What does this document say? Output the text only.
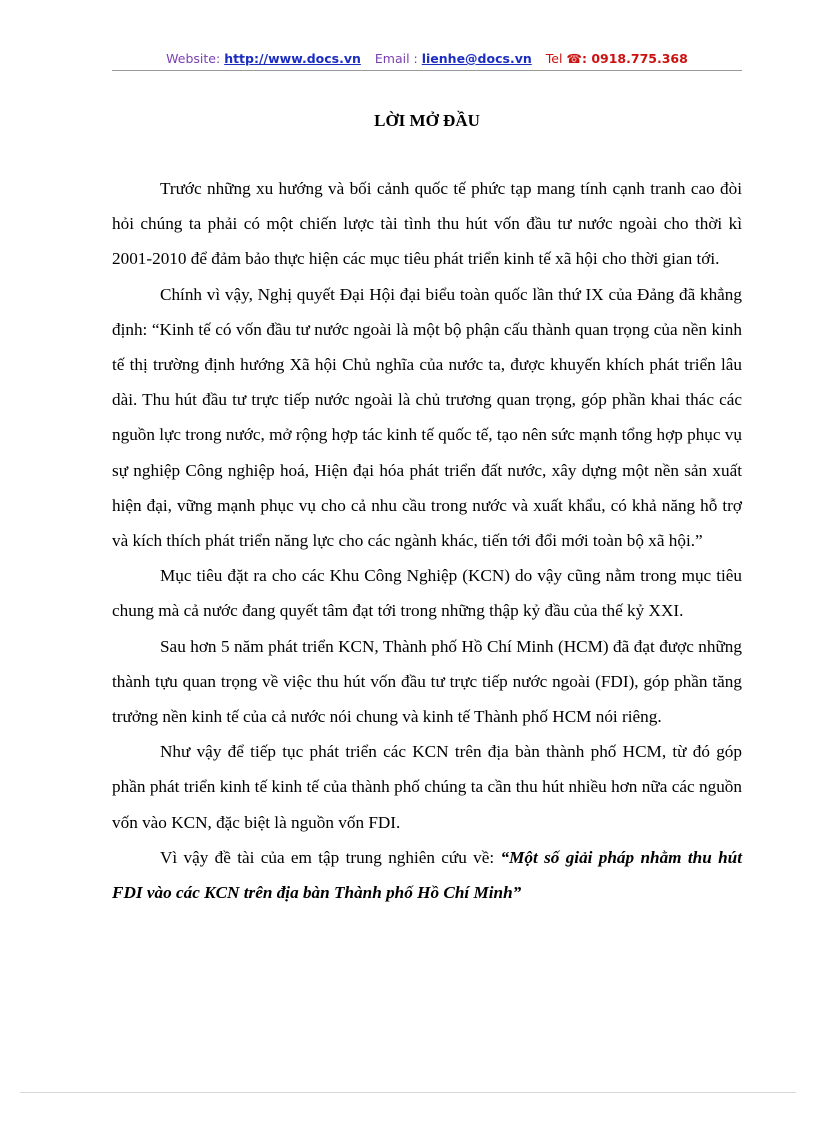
Website: http://www.docs.vn Email : lienhe@docs.vn Tel ☎: 0918.775.368
LỜI MỞ ĐẦU

Trước những xu hướng và bối cảnh quốc tế phức tạp mang tính cạnh tranh cao đòi hỏi chúng ta phải có một chiến lược tài tình thu hút vốn đầu tư nước ngoài cho thời kì 2001-2010 để đảm bảo thực hiện các mục tiêu phát triển kinh tế xã hội cho thời gian tới.

Chính vì vậy, Nghị quyết Đại Hội đại biểu toàn quốc lần thứ IX của Đảng đã khẳng định: “Kinh tế có vốn đầu tư nước ngoài là một bộ phận cấu thành quan trọng của nền kinh tế thị trường định hướng Xã hội Chủ nghĩa của nước ta, được khuyến khích phát triển lâu dài. Thu hút đầu tư trực tiếp nước ngoài là chủ trương quan trọng, góp phần khai thác các nguồn lực trong nước, mở rộng hợp tác kinh tế quốc tế, tạo nên sức mạnh tổng hợp phục vụ sự nghiệp Công nghiệp hoá, Hiện đại hóa phát triển đất nước, xây dựng một nền sản xuất hiện đại, vững mạnh phục vụ cho cả nhu cầu trong nước và xuất khẩu, có khả năng hỗ trợ và kích thích phát triển năng lực cho các ngành khác, tiến tới đổi mới toàn bộ xã hội.”

Mục tiêu đặt ra cho các Khu Công Nghiệp (KCN) do vậy cũng nằm trong mục tiêu chung mà cả nước đang quyết tâm đạt tới trong những thập kỷ đầu của thế kỷ XXI.

Sau hơn 5 năm phát triển KCN, Thành phố Hồ Chí Minh (HCM) đã đạt được những thành tựu quan trọng về việc thu hút vốn đầu tư trực tiếp nước ngoài (FDI), góp phần tăng trưởng nền kinh tế của cả nước nói chung và kinh tế Thành phố HCM nói riêng.

Như vậy để tiếp tục phát triển các KCN trên địa bàn thành phố HCM, từ đó góp phần phát triển kinh tế kinh tế của thành phố chúng ta cần thu hút nhiều hơn nữa các nguồn vốn vào KCN, đặc biệt là nguồn vốn FDI.

Vì vậy đề tài của em tập trung nghiên cứu về: “Một số giải pháp nhằm thu hút FDI vào các KCN trên địa bàn Thành phố Hồ Chí Minh”
